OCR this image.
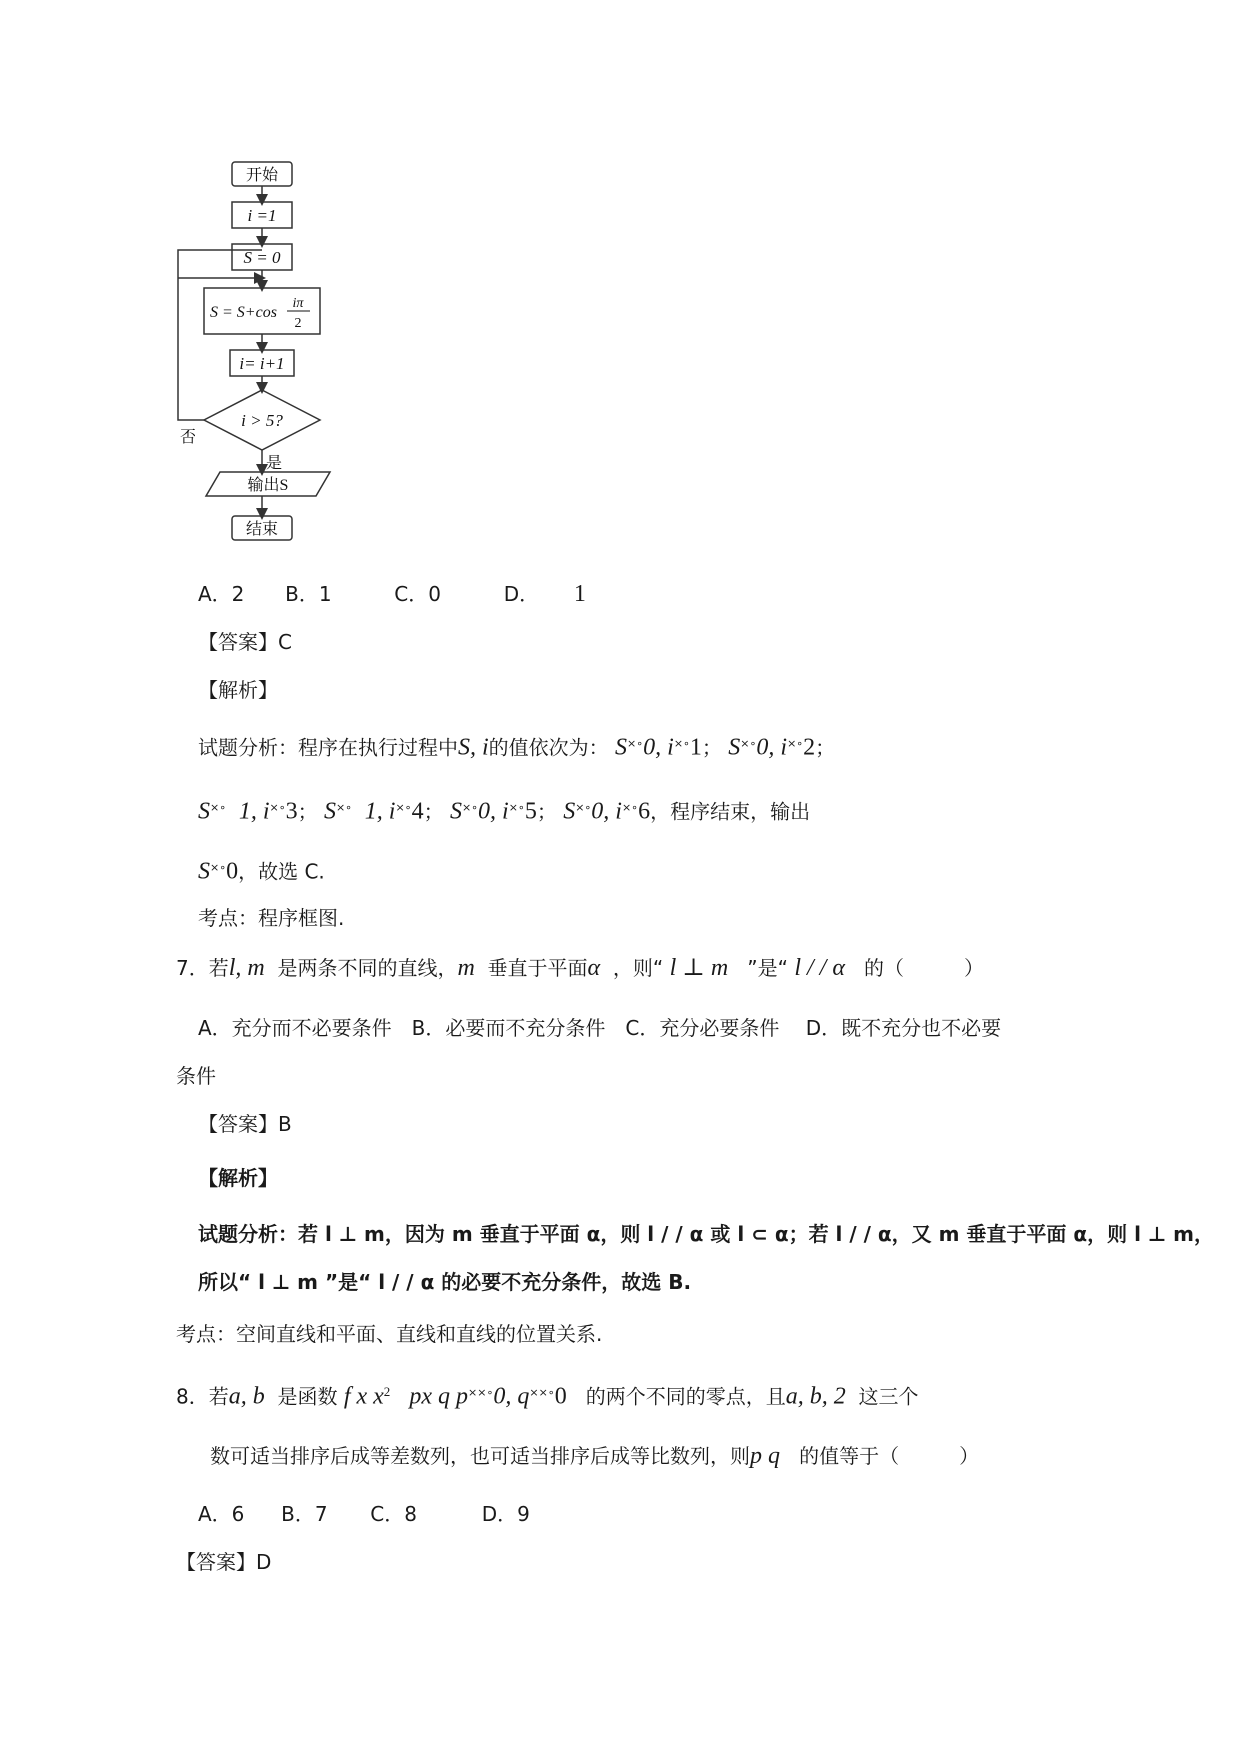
开始
i =1
S = 0
S = S+cos
iπ
2
i= i+1
i > 5?
否
是
输出S
结束
A．2 B．1	C．0	D． 1
【答案】C
【解析】
试题分析：程序在执行过程中S, i的值依次为： S×∘0, i×∘1； S×∘0, i×∘2；
S×∘ 1, i×∘3； S×∘ 1, i×∘4； S×∘0, i×∘5； S×∘0, i×∘6，程序结束，输出
S×∘0，故选 C.
考点：程序框图.
7．若l, m 是两条不同的直线，m 垂直于平面α ，则“ l ⊥ m ”是“ l / / α 的（　　　）
A．充分而不必要条件　B．必要而不充分条件　C．充分必要条件　 D．既不充分也不必要
条件
【答案】B
【解析】
试题分析：若 l ⊥ m，因为 m 垂直于平面 α，则 l / / α 或 l ⊂ α；若 l / / α，又 m 垂直于平面 α，则 l ⊥ m，
所以“ l ⊥ m ”是“ l / / α 的必要不充分条件，故选 B.
考点：空间直线和平面、直线和直线的位置关系.
8．若a, b 是函数 f x $x^2$ px q p××∘0, q××∘0 的两个不同的零点，且a, b, 2 这三个
数可适当排序后成等差数列，也可适当排序后成等比数列，则p q 的值等于（　　　）
A．6 B．7 C．8	D．9
【答案】D
